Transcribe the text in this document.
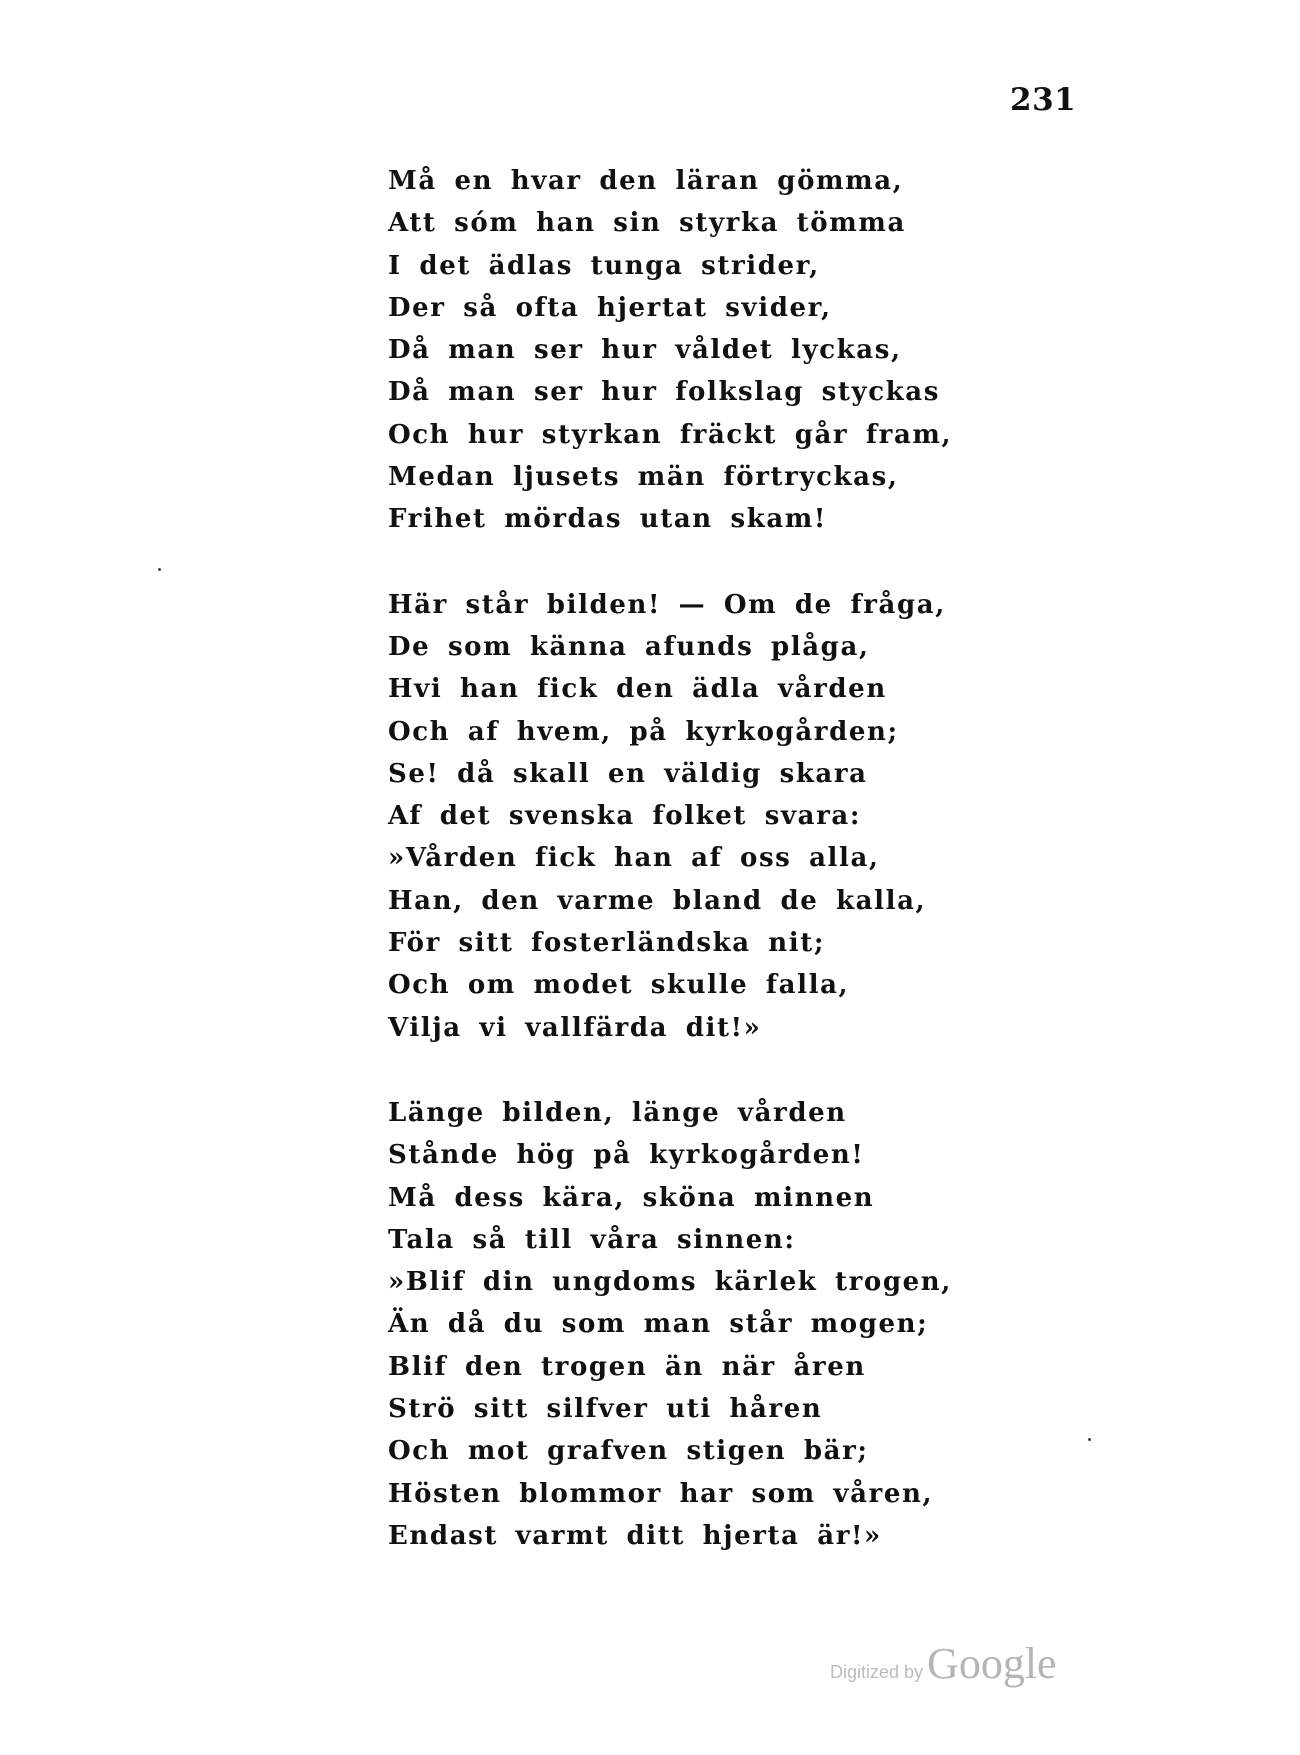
231
Må en hvar den läran gömma,
Att sóm han sin styrka tömma
I det ädlas tunga strider,
Der så ofta hjertat svider,
Då man ser hur våldet lyckas,
Då man ser hur folkslag styckas
Och hur styrkan fräckt går fram,
Medan ljusets män förtryckas,
Frihet mördas utan skam!
Här står bilden! — Om de fråga,
De som känna afunds plåga,
Hvi han fick den ädla vården
Och af hvem, på kyrkogården;
Se! då skall en väldig skara
Af det svenska folket svara:
»Vården fick han af oss alla,
Han, den varme bland de kalla,
För sitt fosterländska nit;
Och om modet skulle falla,
Vilja vi vallfärda dit!»
Länge bilden, länge vården
Stånde hög på kyrkogården!
Må dess kära, sköna minnen
Tala så till våra sinnen:
»Blif din ungdoms kärlek trogen,
Än då du som man står mogen;
Blif den trogen än när åren
Strö sitt silfver uti håren
Och mot grafven stigen bär;
Hösten blommor har som våren,
Endast varmt ditt hjerta är!»
Digitized by Google
